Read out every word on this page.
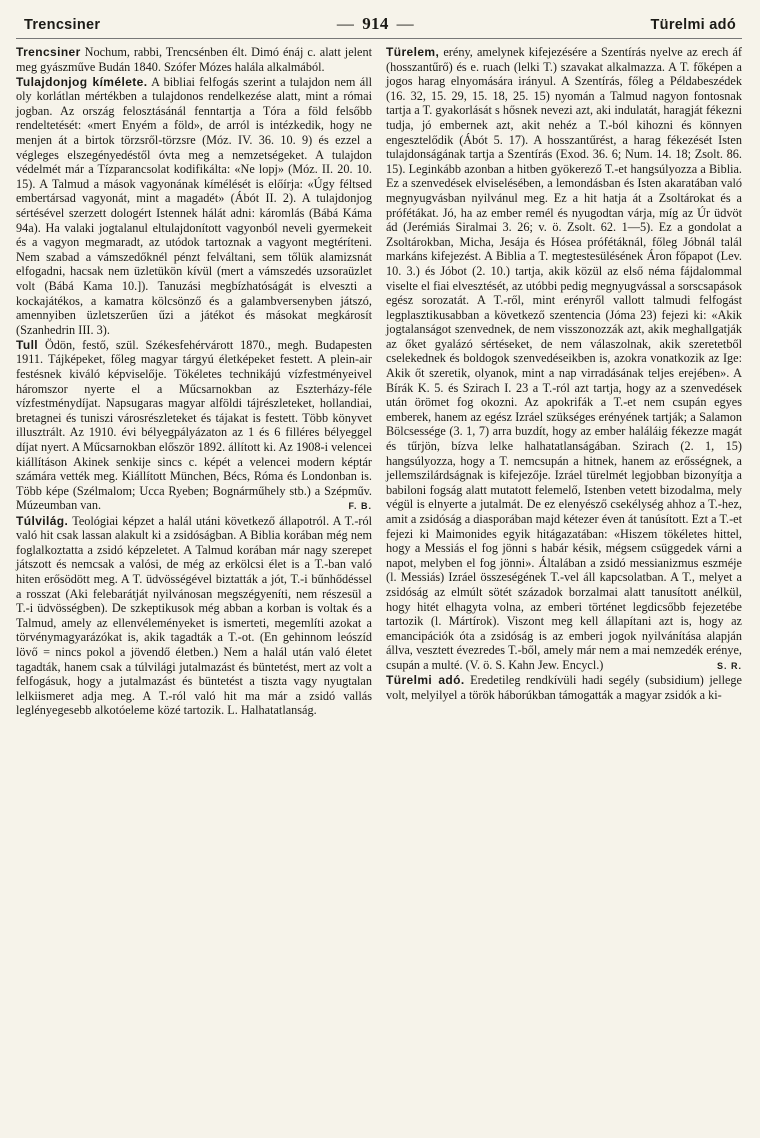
Trencsiner
—	914 —	Türelmi adó

Trencsiner Nochum, rabbi, Trencsénben élt. Dimó énáj c. alatt jelent meg gyászműve Budán 1840. Szófer Mózes halála alkalmából.

Tulajdonjog kímélete. A bibliai felfogás szerint a tulajdon nem áll oly korlátlan mértékben a tulajdonos rendelkezése alatt, mint a római jogban. Az ország felosztásánál fenntartja a Tóra a föld felsőbb rendeltetését: «mert Enyém a föld», de arról is intézkedik, hogy ne menjen át a birtok törzsről-törzsre (Móz. IV. 36. 10. 9) és ezzel a végleges elszegényedéstől óvta meg a nemzetségeket. A tulajdon védelmét már a Tízparancsolat kodifikálta: «Ne lopj» (Móz. II. 20. 10. 15). A Talmud a mások vagyonának kímélését is előírja: «Úgy féltsed embertársad vagyonát, mint a magadét» (Ábót II. 2). A tulajdonjog sértésével szerzett dologért Istennek hálát adni: káromlás (Bábá Káma 94a). Ha valaki jogtalanul eltulajdonított vagyonból neveli gyermekeit és a vagyon megmaradt, az utódok tartoznak a vagyont megtéríteni. Nem szabad a vámszedőknél pénzt felváltani, sem tőlük alamizsnát elfogadni, hacsak nem üzletükön kívül (mert a vámszedés uzsoraüzlet volt (Bábá Kama 10.]). Tanuzási megbízhatóságát is elveszti a kockajátékos, a kamatra kölcsönző és a galambversenyben játszó, amennyiben üzletszerűen űzi a játékot és másokat megkárosít (Szanhedrin III. 3).

Tull Ödön, festő, szül. Székesfehérvárott 1870., megh. Budapesten 1911. Tájképeket, főleg magyar tárgyú életképeket festett. A plein-air festésnek kiváló képviselője. Tökéletes technikájú vízfestményeivel háromszor nyerte el a Műcsarnokban az Eszterházy-féle vízfestménydíjat. Napsugaras magyar alföldi tájrészleteket, hollandiai, bretagnei és tuniszi városrészleteket és tájakat is festett. Több könyvet illusztrált. Az 1910. évi bélyegpályázaton az 1 és 6 filléres bélyeggel díjat nyert. A Műcsarnokban először 1892. állított ki. Az 1908-i velencei kiállításon Akinek senkije sincs c. képét a velencei modern képtár számára vették meg. Kiállított München, Bécs, Róma és Londonban is. Több képe (Szélmalom; Ucca Ryeben; Bognárműhely stb.) a Szépműv. Múzeumban van.	F. B.

Túlvilág. Teológiai képzet a halál utáni következő állapotról. A T.-ról való hit csak lassan alakult ki a zsidóságban. A Biblia korában még nem foglalkoztatta a zsidó képzeletet. A Talmud korában már nagy szerepet játszott és nemcsak a valósi, de még az erkölcsi élet is a T.-ban való hiten erősödött meg. A T. üdvösségével biztatták a jót, T.-i bűnhődéssel a rosszat (Aki felebarátját nyilvánosan megszégyeníti, nem részesül a T.-i üdvösségben). De szkeptikusok még abban a korban is voltak és a Talmud, amely az ellenvéleményeket is ismerteti, megemlíti azokat a törvénymagyarázókat is, akik tagadták a T.-ot. (En gehinnom leószíd lövő = nincs pokol a jövendő életben.) Nem a halál után való életet tagadták, hanem csak a túlvilági jutalmazást és büntetést, mert az volt a felfogásuk, hogy a jutalmazást és büntetést a tiszta vagy nyugtalan lelkiismeret adja meg. A T.-ról való hit ma már a zsidó vallás leglényegesebb alkotóeleme közé tartozik. L. Halhatatlanság.

Türelem, erény, amelynek kifejezésére a Szentírás nyelve az erech áf (hosszantűrő) és e. ruach (lelki T.) szavakat alkalmazza. A T. főképen a jogos harag elnyomására irányul. A Szentírás, főleg a Példabeszédek (16. 32, 15. 29, 15. 18, 25. 15) nyomán a Talmud nagyon fontosnak tartja a T. gyakorlását s hősnek nevezi azt, aki indulatát, haragját fékezni tudja, jó embernek azt, akit nehéz a T.-ból kihozni és könnyen engesztelődik (Ábót 5. 17). A hosszantűrést, a harag fékezését Isten tulajdonságának tartja a Szentírás (Exod. 36. 6; Num. 14. 18; Zsolt. 86. 15). Leginkább azonban a hitben gyökerező T.-et hangsúlyozza a Biblia. Ez a szenvedések elviselésében, a lemondásban és Isten akaratában való megnyugvásban nyilvánul meg. Ez a hit hatja át a Zsoltárokat és a prófétákat. Jó, ha az ember remél és nyugodtan várja, míg az Úr üdvöt ád (Jerémiás Siralmai 3. 26; v. ö. Zsolt. 62. 1—5). Ez a gondolat a Zsoltárokban, Micha, Jesája és Hósea prófétáknál, főleg Jóbnál talál markáns kifejezést. A Biblia a T. megtestesülésének Áron főpapot (Lev. 10. 3.) és Jóbot (2. 10.) tartja, akik közül az első néma fájdalommal viselte el fiai elvesztését, az utóbbi pedig megnyugvással a sorscsapások egész sorozatát. A T.-ről, mint erényről vallott talmudi felfogást legplasztikusabban a következő szentencia (Jóma 23) fejezi ki: «Akik jogtalanságot szenvednek, de nem visszonozzák azt, akik meghallgatják az őket gyalázó sértéseket, de nem válaszolnak, akik szeretetből cselekednek és boldogok szenvedéseikben is, azokra vonatkozik az Ige: Akik őt szeretik, olyanok, mint a nap virradásának teljes erejében». A Bírák K. 5. és Szirach I. 23 a T.-ról azt tartja, hogy az a szenvedések után örömet fog okozni. Az apokrifák a T.-et nem csupán egyes emberek, hanem az egész Izráel szükséges erényének tartják; a Salamon Bölcsessége (3. 1, 7) arra buzdít, hogy az ember haláláig fékezze magát és tűrjön, bízva lelke halhatatlanságában. Szirach (2. 1, 15) hangsúlyozza, hogy a T. nemcsupán a hitnek, hanem az erősségnek, a jellemszilárdságnak is kifejezője. Izráel türelmét legjobban bizonyítja a babiloni fogság alatt mutatott felemelő, Istenben vetett bizodalma, mely végül is elnyerte a jutalmát. De ez elenyésző csekélység ahhoz a T.-hez, amit a zsidóság a diasporában majd kétezer éven át tanúsított. Ezt a T.-et fejezi ki Maimonides egyik hitágazatában: «Hiszem tökéletes hittel, hogy a Messiás el fog jönni s habár késik, mégsem csüggedek várni a napot, melyben el fog jönni». Általában a zsidó messianizmus eszméje (l. Messiás) Izráel összeségének T.-vel áll kapcsolatban. A T., melyet a zsidóság az elmúlt sötét századok borzalmai alatt tanusított anélkül, hogy hitét elhagyta volna, az emberi történet legdicsőbb fejezetébe tartozik (l. Mártírok). Viszont meg kell állapítani azt is, hogy az emancipációk óta a zsidóság is az emberi jogok nyilvánítása alapján állva, vesztett évezredes T.-ből, amely már nem a mai nemzedék erénye, csupán a multé. (V. ö. S. Kahn Jew. Encycl.)	S. R.

Türelmi adó. Eredetileg rendkívüli hadi segély (subsidium) jellege volt, melyilyel a török háborúkban támogatták a magyar zsidók a ki-
